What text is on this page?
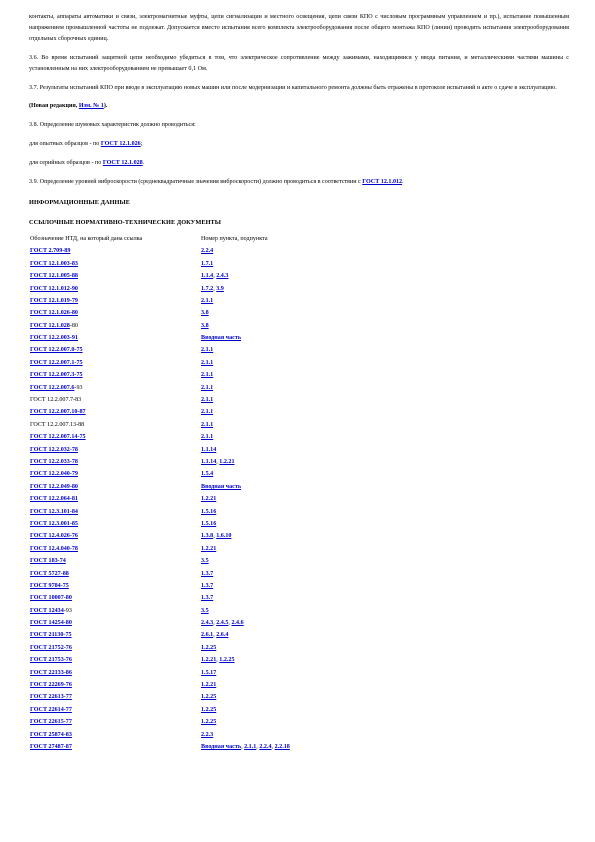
контакты, аппараты автоматики и связи, электромагнитные муфты, цепи сигнализации и местного освещения, цепи связи КПО с числовым программным управлением и пр.), испытание повышенным напряжением промышленной частоты не подлежат. Допускается вместо испытания всего комплекта электрооборудования после общего монтажа КПО (линии) проводить испытания электрооборудования отдельных сборочных единиц.

3.6. Во время испытаний защитной цепи необходимо убедиться в том, что электрическое сопротивление между зажимами, находящимися у ввода питания, и металлическими частями машины с установленным на них электрооборудованием не превышает 0,1 Ом.

3.7. Результаты испытаний КПО при вводе в эксплуатацию новых машин или после модернизации и капитального ремонта должны быть отражены в протоколе испытаний и акте о сдаче в эксплуатацию.

(Новая редакция, Изм. № 1).

3.8. Определение шумовых характеристик должно проводиться:

для опытных образцов - по ГОСТ 12.1.026;

для серийных образцов - по ГОСТ 12.1.028.

3.9. Определение уровней виброскорости (среднеквадратичные значения виброскорости) должно проводиться в соответствии с ГОСТ 12.1.012.

ИНФОРМАЦИОННЫЕ ДАННЫЕ

ССЫЛОЧНЫЕ НОРМАТИВНО-ТЕХНИЧЕСКИЕ ДОКУМЕНТЫ

Обозначение НТД, на который дана ссылка	Номер пункта, подпункта
ГОСТ 2.709-89	2.2.4
ГОСТ 12.1.003-83	1.7.1
ГОСТ 12.1.005-88	1.1.4, 2.4.3
ГОСТ 12.1.012-90	1.7.2, 3.9
ГОСТ 12.1.019-79	2.1.1
ГОСТ 12.1.026-80	3.8
ГОСТ 12.1.028-80	3.8
ГОСТ 12.2.003-91	Вводная часть
ГОСТ 12.2.007.0-75	2.1.1
ГОСТ 12.2.007.1-75	2.1.1
ГОСТ 12.2.007.3-75	2.1.1
ГОСТ 12.2.007.6-93	2.1.1
ГОСТ 12.2.007.7-83	2.1.1
ГОСТ 12.2.007.10-87	2.1.1
ГОСТ 12.2.007.13-88	2.1.1
ГОСТ 12.2.007.14-75	2.1.1
ГОСТ 12.2.032-78	1.1.14
ГОСТ 12.2.033-78	1.1.14, 1.2.21
ГОСТ 12.2.040-79	1.5.4
ГОСТ 12.2.049-80	Вводная часть
ГОСТ 12.2.064-81	1.2.21
ГОСТ 12.3.101-84	1.5.16
ГОСТ 12.3.001-85	1.5.16
ГОСТ 12.4.026-76	1.3.8, 1.6.10
ГОСТ 12.4.040-78	1.2.21
ГОСТ 183-74	3.5
ГОСТ 5727-88	1.3.7
ГОСТ 9784-75	1.3.7
ГОСТ 10007-80	1.3.7
ГОСТ 12434-93	3.5
ГОСТ 14254-80	2.4.3, 2.4.5, 2.4.6
ГОСТ 21130-75	2.6.1, 2.6.4
ГОСТ 21752-76	1.2.25
ГОСТ 21753-76	1.2.21, 1.2.25
ГОСТ 22133-86	1.5.17
ГОСТ 22269-76	1.2.21
ГОСТ 22613-77	1.2.25
ГОСТ 22614-77	1.2.25
ГОСТ 22615-77	1.2.25
ГОСТ 25874-83	2.2.3
ГОСТ 27487-87	Вводная часть, 2.1.1, 2.2.4, 2.2.18
